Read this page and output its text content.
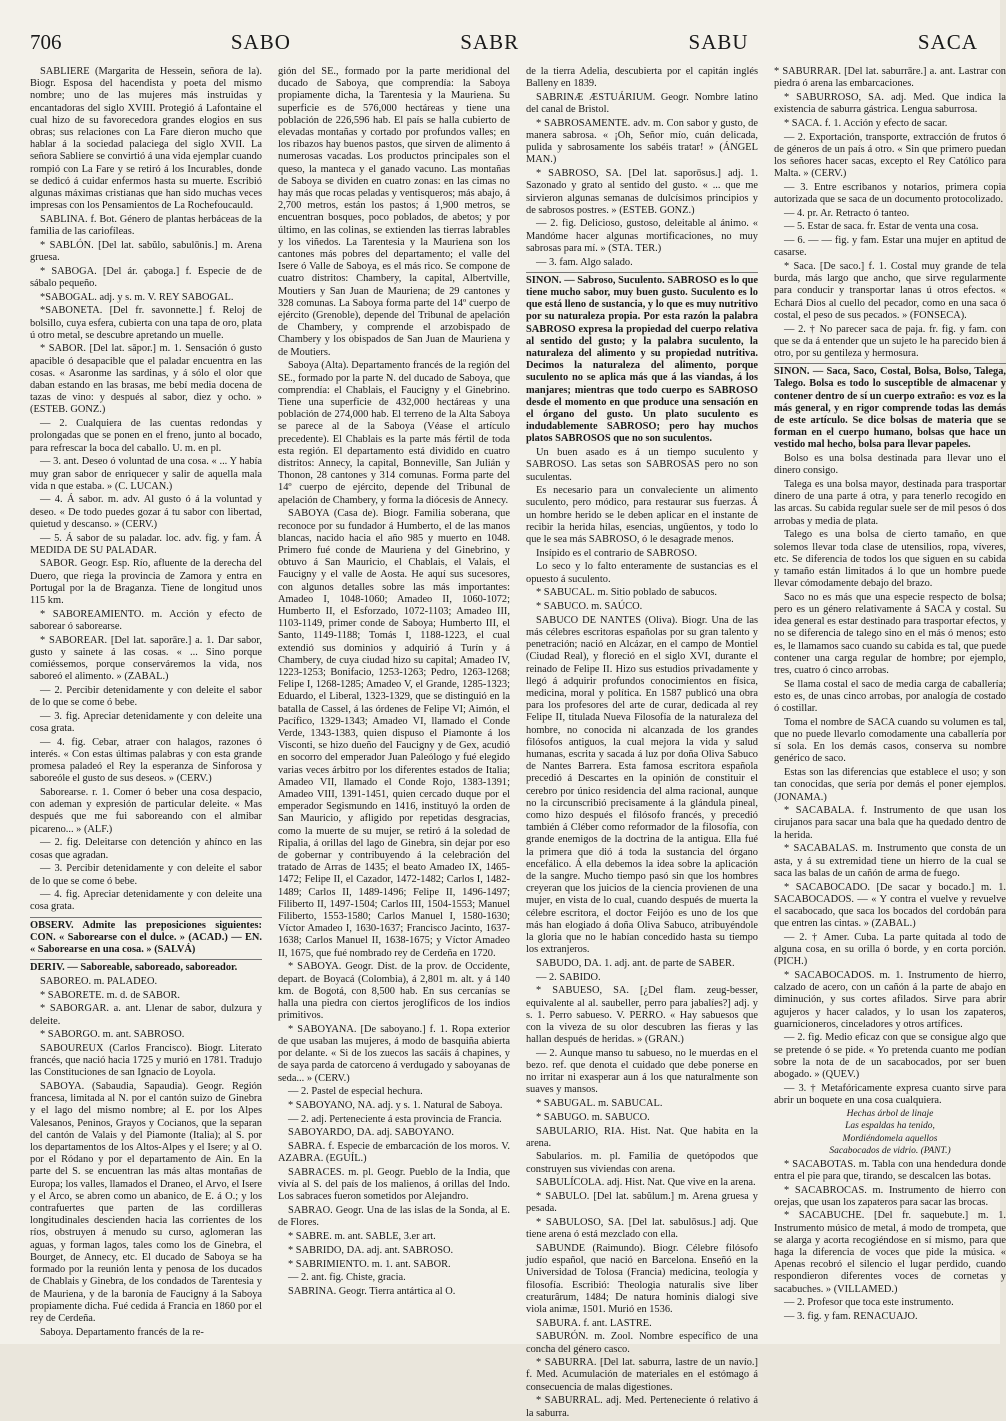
706	SABO	SABR	SABU	SACA

SABLIERE (Margarita de Hessein, señora de la). Biogr. Esposa del hacendista y poeta del mismo nombre; uno de las mujeres más instruidas y encantadoras del siglo XVIII. Protegió á Lafontaine el cual hizo de su favorecedora grandes elogios en sus obras; sus relaciones con La Fare dieron mucho que hablar á la sociedad palaciega del siglo XVII. La señora Sabliere se convirtió á una vida ejemplar cuando rompió con La Fare y se retiró á los Incurables, donde se dedicó á cuidar enfermos hasta su muerte. Escribió algunas máximas cristianas que han sido muchas veces impresas con los Pensamientos de La Rochefoucauld.

SABLINA. f. Bot. Género de plantas herbáceas de la familia de las cariofíleas.

* SABLÓN. [Del lat. sabŭlo, sabulōnis.] m. Arena gruesa.

* SABOGA. [Del ár. çaboga.] f. Especie de de sábalo pequeño.

*SABOGAL. adj. y s. m. V. REY SABOGAL.

*SABONETA. [Del fr. savonnette.] f. Reloj de bolsillo, cuya esfera, cubierta con una tapa de oro, plata ú otro metal, se descubre apretando un muelle.

* SABOR. [Del lat. sāpor.] m. 1. Sensación ó gusto apacible ó desapacible que el paladar encuentra en las cosas. « Asaronme las sardinas, y á sólo el olor que daban estando en las brasas, me bebí media docena de tazas de vino: y después al sabor, diez y ocho. » (ESTEB. GONZ.)

— 2. Cualquiera de las cuentas redondas y prolongadas que se ponen en el freno, junto al bocado, para refrescar la boca del caballo. U. m. en pl.

— 3. ant. Deseo ó voluntad de una cosa. « ... Y había muy gran sabor de enriquecer y salir de aquella mala vida n que estaba. » (C. LUCAN.)

— 4. Á sabor. m. adv. Al gusto ó á la voluntad y deseo. « De todo puedes gozar á tu sabor con libertad, quietud y descanso. » (CERV.)

— 5. Á sabor de su paladar. loc. adv. fig. y fam. Á MEDIDA DE SU PALADAR.

SABOR. Geogr. Esp. Río, afluente de la derecha del Duero, que riega la provincia de Zamora y entra en Portugal por la de Braganza. Tiene de longitud unos 115 km.

* SABOREAMIENTO. m. Acción y efecto de saborear ó saborearse.

* SABOREAR. [Del lat. saporāre.] a. 1. Dar sabor, gusto y sainete á las cosas. « ... Sino porque comiéssemos, porque conserváremos la vida, nos saboreó el alimento. » (ZABAL.)

— 2. Percibir detenidamente y con deleite el sabor de lo que se come ó bebe.

— 3. fig. Apreciar detenidamente y con deleite una cosa grata.

— 4. fig. Cebar, atraer con halagos, razones ó interés. « Con estas últimas palabras y con esta grande promesa paladeó el Rey la esperanza de Sinforosa y saboreóle el gusto de sus deseos. » (CERV.)

Saborearse. r. 1. Comer ó beber una cosa despacio, con ademan y expresión de particular deleite. « Mas después que me fui saboreando con el almibar picareno... » (ALF.)

— 2. fig. Deleitarse con detención y ahínco en las cosas que agradan.

— 3. Percibir detenidamente y con deleite el sabor de lo que se come ó bebe.

— 4. fig. Apreciar detenidamente y con deleite una cosa grata.

OBSERV. Admite las preposiciones siguientes: CON. « Saborearse con el dulce. » (ACAD.) — EN. « Saborearse en una cosa. » (SALVÁ)

DERIV. — Saboreable, saboreado, saboreador.

SABOREO. m. PALADEO.

* SABORETE. m. d. de SABOR.

* SABORGAR. a. ant. Llenar de sabor, dulzura y deleite.

* SABORGO. m. ant. SABROSO.

SABOUREUX (Carlos Francisco). Biogr. Literato francés, que nació hacia 1725 y murió en 1781. Tradujo las Constituciones de san Ignacio de Loyola.

SABOYA. (Sabaudia, Sapaudia). Geogr. Región francesa, limitada al N. por el cantón suizo de Ginebra y el lago del mismo nombre; al E. por los Alpes Valesanos, Peninos, Grayos y Cocianos, que la separan del cantón de Valais y del Piamonte (Italia); al S. por los departamentos de los Altos-Alpes y el Isere; y al O. por el Ródano y por el departamento de Ain. En la parte del S. se encuentran las más altas montañas de Europa; los valles, llamados el Draneo, el Arvo, el Isere y el Arco, se abren como un abanico, de E. á O.; y los contrafuertes que parten de las cordilleras longitudinales descienden hacia las corrientes de los ríos, obstruyen á menudo su curso, aglomeran las aguas, y forman lagos, tales como los de Ginebra, el Bourget, de Annecy, etc. El ducado de Saboya se ha formado por la reunión lenta y penosa de los ducados de Chablais y Ginebra, de los condados de Tarentesia y de Mauriena, y de la baronía de Faucigny á la Saboya propiamente dicha. Fué cedida á Francia en 1860 por el rey de Cerdeña.

Saboya. Departamento francés de la re-

gión del SE., formado por la parte meridional del ducado de Saboya, que comprendía: la Saboya propiamente dicha, la Tarentesia y la Mauriena. Su superficie es de 576,000 hectáreas y tiene una población de 226,596 hab. El país se halla cubierto de elevadas montañas y cortado por profundos valles; en los ribazos hay buenos pastos, que sirven de alimento á numerosas vacadas. Los productos principales son el queso, la manteca y el ganado vacuno. Las montañas de Saboya se dividen en cuatro zonas: en las cimas no hay más que rocas peladas y ventisqueros; más abajo, á 2,700 metros, están los pastos; á 1,900 metros, se encuentran bosques, poco poblados, de abetos; y por último, en las colinas, se extienden las tierras labrables y los viñedos. La Tarentesia y la Mauriena son los cantones más pobres del departamento; el valle del Isere ó Valle de Saboya, es el más rico. Se compone de cuatro distritos: Chambery, la capital, Albertville, Moutiers y San Juan de Mauriena; de 29 cantones y 328 comunas. La Saboya forma parte del 14º cuerpo de ejército (Grenoble), depende del Tribunal de apelación de Chambery, y comprende el arzobispado de Chambery y los obispados de San Juan de Mauriena y de Moutiers.

Saboya (Alta). Departamento francés de la región del SE., formado por la parte N. del ducado de Saboya, que comprendía: el Chablais, el Faucigny y el Ginebrino. Tiene una superficie de 432,000 hectáreas y una población de 274,000 hab. El terreno de la Alta Saboya se parece al de la Saboya (Véase el artículo precedente). El Chablais es la parte más fértil de toda esta región. El departamento está dividido en cuatro distritos: Annecy, la capital, Bonneville, San Julián y Thonon, 28 cantones y 314 comunas. Forma parte del 14º cuerpo de ejército, depende del Tribunal de apelación de Chambery, y forma la diócesis de Annecy.

SABOYA (Casa de). Biogr. Familia soberana, que reconoce por su fundador á Humberto, el de las manos blancas, nacido hacia el año 985 y muerto en 1048. Primero fué conde de Mauriena y del Ginebrino, y obtuvo á San Mauricio, el Chablais, el Valais, el Faucigny y el valle de Aosta. He aquí sus sucesores, con algunos detalles sobre las más importantes: Amadeo I, 1048-1060; Amadeo II, 1060-1072; Humberto II, el Esforzado, 1072-1103; Amadeo III, 1103-1149, primer conde de Saboya; Humberto III, el Santo, 1149-1188; Tomás I, 1188-1223, el cual extendió sus dominios y adquirió á Turín y á Chambery, de cuya ciudad hizo su capital; Amadeo IV, 1223-1253; Bonifacio, 1253-1263; Pedro, 1263-1268; Felipe I, 1268-1285; Amadeo V, el Grande, 1285-1323; Eduardo, el Liberal, 1323-1329, que se distinguió en la batalla de Cassel, á las órdenes de Felipe VI; Aimón, el Pacífico, 1329-1343; Amadeo VI, llamado el Conde Verde, 1343-1383, quien dispuso el Piamonte á los Visconti, se hizo dueño del Faucigny y de Gex, acudió en socorro del emperador Juan Paleólogo y fué elegido varias veces árbitro por los diferentes estados de Italia; Amadeo VII, llamado el Conde Rojo, 1383-1391; Amadeo VIII, 1391-1451, quien cercado duque por el emperador Segismundo en 1416, instituyó la orden de San Mauricio, y afligido por repetidas desgracias, como la muerte de su mujer, se retiró á la soledad de Ripalia, á orillas del lago de Ginebra, sin dejar por eso de gobernar y contribuyendo á la celebración del tratado de Arras de 1435; el beato Amadeo IX, 1465-1472; Felipe II, el Cazador, 1472-1482; Carlos I, 1482-1489; Carlos II, 1489-1496; Felipe II, 1496-1497; Filiberto II, 1497-1504; Carlos III, 1504-1553; Manuel Filiberto, 1553-1580; Carlos Manuel I, 1580-1630; Víctor Amadeo I, 1630-1637; Francisco Jacinto, 1637-1638; Carlos Manuel II, 1638-1675; y Víctor Amadeo II, 1675, que fué nombrado rey de Cerdeña en 1720.

* SABOYA. Geogr. Dist. de la prov. de Occidente, depart. de Boyacá (Colombia), á 2,801 m. alt. y á 140 km. de Bogotá, con 8,500 hab. En sus cercanías se halla una piedra con ciertos jeroglíficos de los indios primitivos.

* SABOYANA. [De saboyano.] f. 1. Ropa exterior de que usaban las mujeres, á modo de basquiña abierta por delante. « Si de los zuecos las sacáis á chapines, y de saya parda de catorceno á verdugado y saboyanas de seda... » (CERV.)

— 2. Pastel de especial hechura.

* SABOYANO, NA. adj. y s. 1. Natural de Saboya.

— 2. adj. Perteneciente á esta provincia de Francia.

SABOYARDO, DA. adj. SABOYANO.

SABRA. f. Especie de embarcación de los moros. V. AZABRA. (EGUÍL.)

SABRACES. m. pl. Geogr. Pueblo de la India, que vivía al S. del país de los malienos, á orillas del Indo. Los sabraces fueron sometidos por Alejandro.

SABRAO. Geogr. Una de las islas de la Sonda, al E. de Flores.

* SABRE. m. ant. SABLE, 3.er art.

* SABRIDO, DA. adj. ant. SABROSO.

* SABRIMIENTO. m. 1. ant. SABOR.

— 2. ant. fig. Chiste, gracia.

SABRINA. Geogr. Tierra antártica al O.

de la tierra Adelia, descubierta por el capitán inglés Balleny en 1839.

SABRINÆ ÆSTUÁRIUM. Geogr. Nombre latino del canal de Bristol.

* SABROSAMENTE. adv. m. Con sabor y gusto, de manera sabrosa. « ¡Oh, Señor mío, cuán delicada, pulida y sabrosamente los sabéis tratar! » (ÁNGEL MAN.)

* SABROSO, SA. [Del lat. saporōsus.] adj. 1. Sazonado y grato al sentido del gusto. « ... que me sirvieron algunas semanas de dulcísimos principios y de sabrosos postres. » (ESTEB. GONZ.)

— 2. fig. Delicioso, gustoso, deleitable al ánimo. « Mandóme hacer algunas mortificaciones, no muy sabrosas para mí. » (STA. TER.)

— 3. fam. Algo salado.

SINON. — Sabroso, Suculento. SABROSO es lo que tiene mucho sabor, muy buen gusto. Suculento es lo que está lleno de sustancia, y lo que es muy nutritivo por su naturaleza propia. Por esta razón la palabra SABROSO expresa la propiedad del cuerpo relativa al sentido del gusto; y la palabra suculento, la naturaleza del alimento y su propiedad nutritiva. Decimos la naturaleza del alimento, porque suculento no se aplica más que á las viandas, á los manjares; mientras que todo cuerpo es SABROSO desde el momento en que produce una sensación en el órgano del gusto. Un plato suculento es indudablemente SABROSO; pero hay muchos platos SABROSOS que no son suculentos.

Un buen asado es á un tiempo suculento y SABROSO. Las setas son SABROSAS pero no son suculentas.

Es necesario para un convaleciente un alimento suculento, pero módico, para restaurar sus fuerzas. Á un hombre herido se le deben aplicar en el instante de recibir la herida hilas, esencias, ungüentos, y todo lo que le sea más SABROSO, ó le desagrade menos.

Insípido es el contrario de SABROSO.

Lo seco y lo falto enteramente de sustancias es el opuesto á suculento.

* SABUCAL. m. Sitio poblado de sabucos.

* SABUCO. m. SAÚCO.

SABUCO DE NANTES (Oliva). Biogr. Una de las más célebres escritoras españolas por su gran talento y penetración; nació en Alcázar, en el campo de Montiel (Ciudad Real), y floreció en el siglo XVI, durante el reinado de Felipe II. Hizo sus estudios privadamente y llegó á adquirir profundos conocimientos en física, medicina, moral y política. En 1587 publicó una obra para los profesores del arte de curar, dedicada al rey Felipe II, titulada Nueva Filosofía de la naturaleza del hombre, no conocida ni alcanzada de los grandes filósofos antiguos, la cual mejora la vida y salud humanas, escrita y sacada á luz por doña Oliva Sabuco de Nantes Barrera. Esta famosa escritora española precedió á Descartes en la opinión de constituir el cerebro por único residencia del alma racional, aunque no la circunscribió precisamente á la glándula pineal, como hizo después el filósofo francés, y precedió también á Cléber como reformador de la filosofía, con grande enemigos de la doctrina de la antigua. Ella fué la primera que dió á toda la sustancia del órgano encefálico. Á ella debemos la idea sobre la aplicación de la sangre. Mucho tiempo pasó sin que los hombres creyeran que los juicios de la ciencia provienen de una mujer, en vista de lo cual, cuando después de muerta la célebre escritora, el doctor Feijóo es uno de los que más han elogiado á doña Oliva Sabuco, atribuyéndole la gloria que no le habían concedido hasta su tiempo los extranjeros.

SABUDO, DA. 1. adj. ant. de parte de SABER.

— 2. SABIDO.

* SABUESO, SA. [¿Del flam. zeug-besser, equivalente al al. saubeller, perro para jabalíes?] adj. y s. 1. Perro sabueso. V. PERRO. « Hay sabuesos que con la viveza de su olor descubren las fieras y las hallan después de heridas. » (GRAN.)

— 2. Aunque manso tu sabueso, no le muerdas en el bezo. ref. que denota el cuidado que debe ponerse en no irritar ni exasperar aun á los que naturalmente son suaves y mansos.

* SABUGAL. m. SABUCAL.

* SABUGO. m. SABUCO.

SABULARIO, RIA. Hist. Nat. Que habita en la arena.

Sabularios. m. pl. Familia de quetópodos que construyen sus viviendas con arena.

SABULÍCOLA. adj. Hist. Nat. Que vive en la arena.

* SABULO. [Del lat. sabŭlum.] m. Arena gruesa y pesada.

* SABULOSO, SA. [Del lat. sabulōsus.] adj. Que tiene arena ó está mezclado con ella.

SABUNDE (Raimundo). Biogr. Célebre filósofo judío español, que nació en Barcelona. Enseñó en la Universidad de Tolosa (Francia) medicina, teología y filosofía. Escribió: Theologia naturalis sive liber creaturârum, 1484; De natura hominis dialogi sive viola animæ, 1501. Murió en 1536.

SABURA. f. ant. LASTRE.

SABURÓN. m. Zool. Nombre específico de una concha del género casco.

* SABURRA. [Del lat. saburra, lastre de un navío.] f. Med. Acumulación de materiales en el estómago á consecuencia de malas digestiones.

* SABURRAL. adj. Med. Perteneciente ó relativo á la saburra.

* SABURRAR. [Del lat. saburrāre.] a. ant. Lastrar con piedra ó arena las embarcaciones.

* SABURROSO, SA. adj. Med. Que indica la existencia de saburra gástrica. Lengua saburrosa.

* SACA. f. 1. Acción y efecto de sacar.

— 2. Exportación, transporte, extracción de frutos ó de géneros de un país á otro. « Sin que primero puedan los señores hacer sacas, excepto el Rey Católico para Malta. » (CERV.)

— 3. Entre escribanos y notarios, primera copia autorizada que se saca de un documento protocolizado.

— 4. pr. Ar. Retracto ó tanteo.

— 5. Estar de saca. fr. Estar de venta una cosa.

— 6. — — fig. y fam. Estar una mujer en aptitud de casarse.

* Saca. [De saco.] f. 1. Costal muy grande de tela burda, más largo que ancho, que sirve regularmente para conducir y transportar lanas ú otros efectos. « Echará Dios al cuello del pecador, como en una saca ó costal, el peso de sus pecados. » (FONSECA).

— 2. † No parecer saca de paja. fr. fig. y fam. con que se da á entender que un sujeto le ha parecido bien á otro, por su gentileza y hermosura.

SINON. — Saca, Saco, Costal, Bolsa, Bolso, Talega, Talego. Bolsa es todo lo susceptible de almacenar y contener dentro de sí un cuerpo extraño: es voz es la más general, y en rigor comprende todas las demás de este artículo. Se dice bolsas de materia que se forman en el cuerpo humano, bolsas que hace un vestido mal hecho, bolsa para llevar papeles.

Bolso es una bolsa destinada para llevar uno el dinero consigo.

Talega es una bolsa mayor, destinada para trasportar dinero de una parte á otra, y para tenerlo recogido en las arcas. Su cabida regular suele ser de mil pesos ó dos arrobas y media de plata.

Talego es una bolsa de cierto tamaño, en que solemos llevar toda clase de utensilios, ropa, víveres, etc. Se diferencia de todos los que siguen en su cabida y tamaño están limitados á lo que un hombre puede llevar cómodamente debajo del brazo.

Saco no es más que una especie respecto de bolsa; pero es un género relativamente á SACA y costal. Su idea general es estar destinado para trasportar efectos, y no se diferencia de talego sino en el más ó menos; esto es, le llamamos saco cuando su cabida es tal, que puede contener una carga regular de hombre; por ejemplo, tres, cuatro ó cinco arrobas.

Se llama costal el saco de media carga de caballería; esto es, de unas cinco arrobas, por analogía de costado ó costillar.

Toma el nombre de SACA cuando su volumen es tal, que no puede llevarlo comodamente una caballería por sí sola. En los demás casos, conserva su nombre genérico de saco.

Estas son las diferencias que establece el uso; y son tan conocidas, que sería por demás el poner ejemplos. (JONAMA.)

* SACABALA. f. Instrumento de que usan los cirujanos para sacar una bala que ha quedado dentro de la herida.

* SACABALAS. m. Instrumento que consta de un asta, y á su extremidad tiene un hierro de la cual se saca las balas de un cañón de arma de fuego.

* SACABOCADO. [De sacar y bocado.] m. 1. SACABOCADOS. — « Y contra el vuelve y revuelve el sacabocado, que saca los bocados del cordobán para que entren las cintas. » (ZABAL.)

— 2. † Amer. Cuba. La parte quitada al todo de alguna cosa, en su orilla ó borde, y en corta porción. (PICH.)

* SACABOCADOS. m. 1. Instrumento de hierro, calzado de acero, con un cañón á la parte de abajo en diminución, y sus cortes afilados. Sirve para abrir agujeros y hacer calados, y lo usan los zapateros, guarnicioneros, cinceladores y otros artífices.

— 2. fig. Medio eficaz con que se consigue algo que se pretende ó se pide. « Yo pretenda cuanto me podían sobre la nota de de un sacabocados, por ser buen abogado. » (QUEV.)

— 3. † Metafóricamente expresa cuanto sirve para abrir un boquete en una cosa cualquiera.

Hechas árbol de linaje

Las espaldas ha tenido,

Mordiéndomela aquellos

Sacabocados de vidrio. (PANT.)

* SACABOTAS. m. Tabla con una hendedura donde entra el pie para que, tirando, se descalcen las botas.

* SACABROCAS. m. Instrumento de hierro con orejas, que usan los zapateros para sacar las brocas.

* SACABUCHE. [Del fr. saquebute.] m. 1. Instrumento músico de metal, á modo de trompeta, que se alarga y acorta recogiéndose en sí mismo, para que haga la diferencia de voces que pide la música. « Apenas recobró el silencio el lugar perdido, cuando respondieron diferentes voces de cornetas y sacabuches. » (VILLAMED.)

— 2. Profesor que toca este instrumento.

— 3. fig. y fam. RENACUAJO.
